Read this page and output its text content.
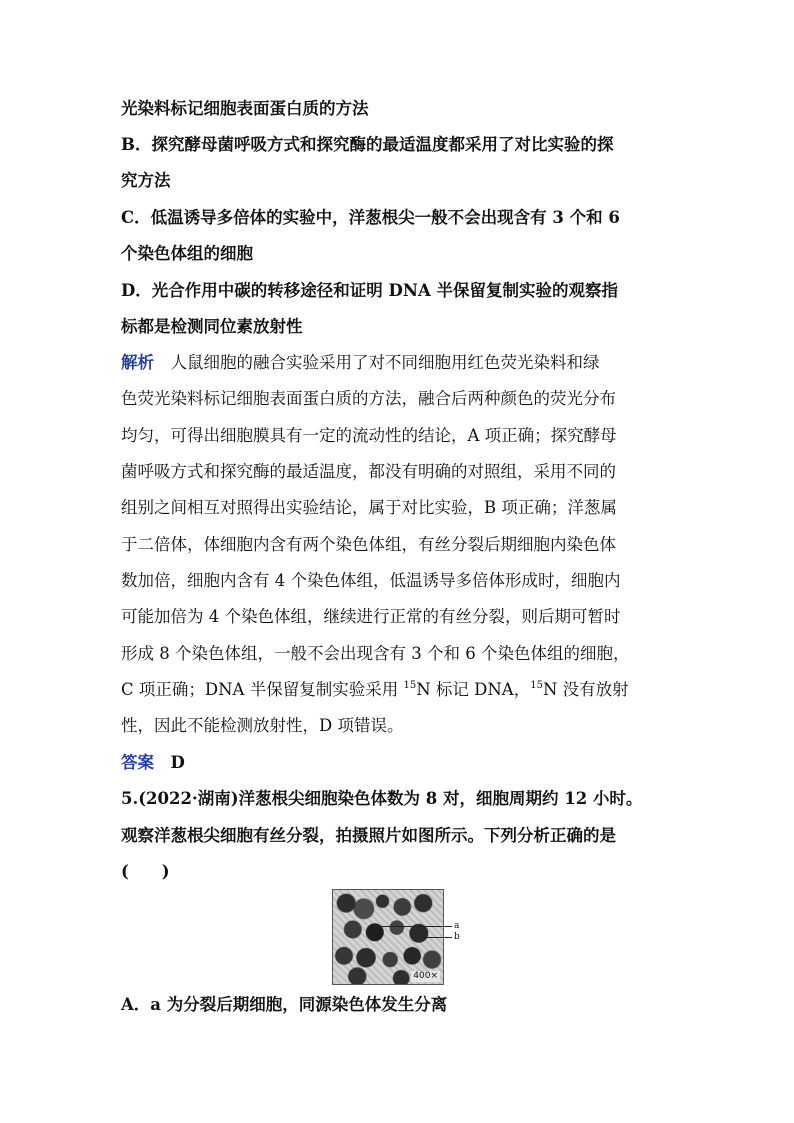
光染料标记细胞表面蛋白质的方法
B．探究酵母菌呼吸方式和探究酶的最适温度都采用了对比实验的探
究方法
C．低温诱导多倍体的实验中，洋葱根尖一般不会出现含有 3 个和 6
个染色体组的细胞
D．光合作用中碳的转移途径和证明 DNA 半保留复制实验的观察指
标都是检测同位素放射性
解析　 人鼠细胞的融合实验采用了对不同细胞用红色荧光染料和绿
色荧光染料标记细胞表面蛋白质的方法，融合后两种颜色的荧光分布
均匀，可得出细胞膜具有一定的流动性的结论，A 项正确；探究酵母
菌呼吸方式和探究酶的最适温度，都没有明确的对照组，采用不同的
组别之间相互对照得出实验结论，属于对比实验，B 项正确；洋葱属
于二倍体，体细胞内含有两个染色体组，有丝分裂后期细胞内染色体
数加倍，细胞内含有 4 个染色体组，低温诱导多倍体形成时，细胞内
可能加倍为 4 个染色体组，继续进行正常的有丝分裂，则后期可暂时
形成 8 个染色体组，一般不会出现含有 3 个和 6 个染色体组的细胞，
C 项正确；DNA 半保留复制实验采用 $^{15}$N 标记 DNA，$^{15}$N 没有放射
性，因此不能检测放射性，D 项错误。
答案　 D
5.(2022·湖南)洋葱根尖细胞染色体数为 8 对，细胞周期约 12 小时。
观察洋葱根尖细胞有丝分裂，拍摄照片如图所示。下列分析正确的是
(　　)
400×
a
b
A．a 为分裂后期细胞，同源染色体发生分离
